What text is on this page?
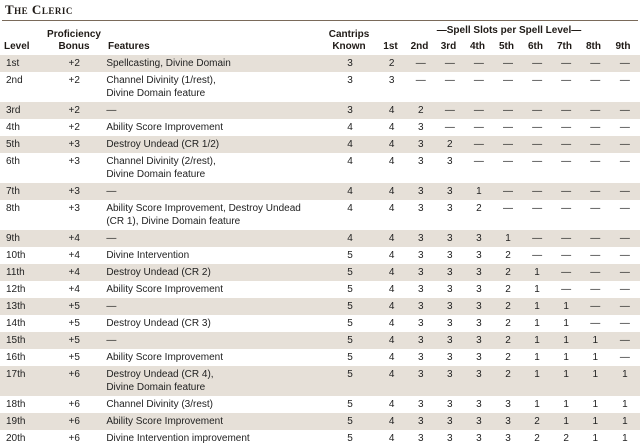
The Cleric
—Spell Slots per Spell Level—
Level
Proficiency
Bonus	Features
Cantrips
Known	1st	2nd	3rd	4th	5th	6th	7th	8th	9th
1st	+2	Spellcasting, Divine Domain	3	2	—	—	—	—	—	—	—	—
2nd	+2	Channel Divinity (1/rest),
Divine Domain feature	3	3	—	—	—	—	—	—	—	—
3rd	+2	—	3	4	2	—	—	—	—	—	—	—
4th	+2	Ability Score Improvement	4	4	3	—	—	—	—	—	—	—
5th	+3	Destroy Undead (CR 1/2)	4	4	3	2	—	—	—	—	—	—
6th	+3	Channel Divinity (2/rest),
Divine Domain feature	4	4	3	3	—	—	—	—	—	—
7th	+3	—	4	4	3	3	1	—	—	—	—	—
8th	+3	Ability Score Improvement, Destroy Undead
(CR 1), Divine Domain feature	4	4	3	3	2	—	—	—	—	—
9th	+4	—	4	4	3	3	3	1	—	—	—	—
10th	+4	Divine Intervention	5	4	3	3	3	2	—	—	—	—
11th	+4	Destroy Undead (CR 2)	5	4	3	3	3	2	1	—	—	—
12th	+4	Ability Score Improvement	5	4	3	3	3	2	1	—	—	—
13th	+5	—	5	4	3	3	3	2	1	1	—	—
14th	+5	Destroy Undead (CR 3)	5	4	3	3	3	2	1	1	—	—
15th	+5	—	5	4	3	3	3	2	1	1	1	—
16th	+5	Ability Score Improvement	5	4	3	3	3	2	1	1	1	—
17th	+6	Destroy Undead (CR 4),
Divine Domain feature	5	4	3	3	3	2	1	1	1	1
18th	+6	Channel Divinity (3/rest)	5	4	3	3	3	3	1	1	1	1
19th	+6	Ability Score Improvement	5	4	3	3	3	3	2	1	1	1
20th	+6	Divine Intervention improvement	5	4	3	3	3	3	2	2	1	1
